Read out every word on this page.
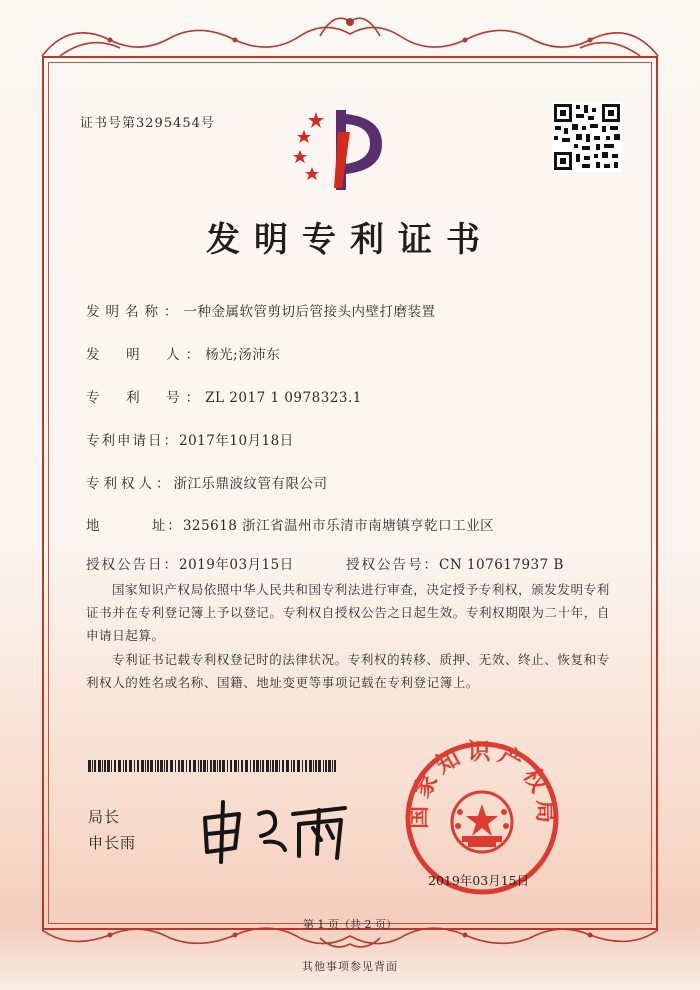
证书号第3295454号
发明专利证书
发明名称：一种金属软管剪切后管接头内壁打磨装置
发  明  人：杨光;汤沛东
专  利  号：ZL 2017 1 0978323.1
专利申请日：2017年10月18日
专利权人：浙江乐鼎波纹管有限公司
地        址：325618 浙江省温州市乐清市南塘镇亨乾口工业区
授权公告日：2019年03月15日	授权公告号：CN 107617937 B
国家知识产权局依照中华人民共和国专利法进行审查，决定授予专利权，颁发发明专利证书并在专利登记簿上予以登记。专利权自授权公告之日起生效。专利权期限为二十年，自申请日起算。
专利证书记载专利权登记时的法律状况。专利权的转移、质押、无效、终止、恢复和专利权人的姓名或名称、国籍、地址变更等事项记载在专利登记簿上。
局长
申长雨
国家知识产权局
2019年03月15日
第 1 页（共 2 页）
其他事项参见背面
